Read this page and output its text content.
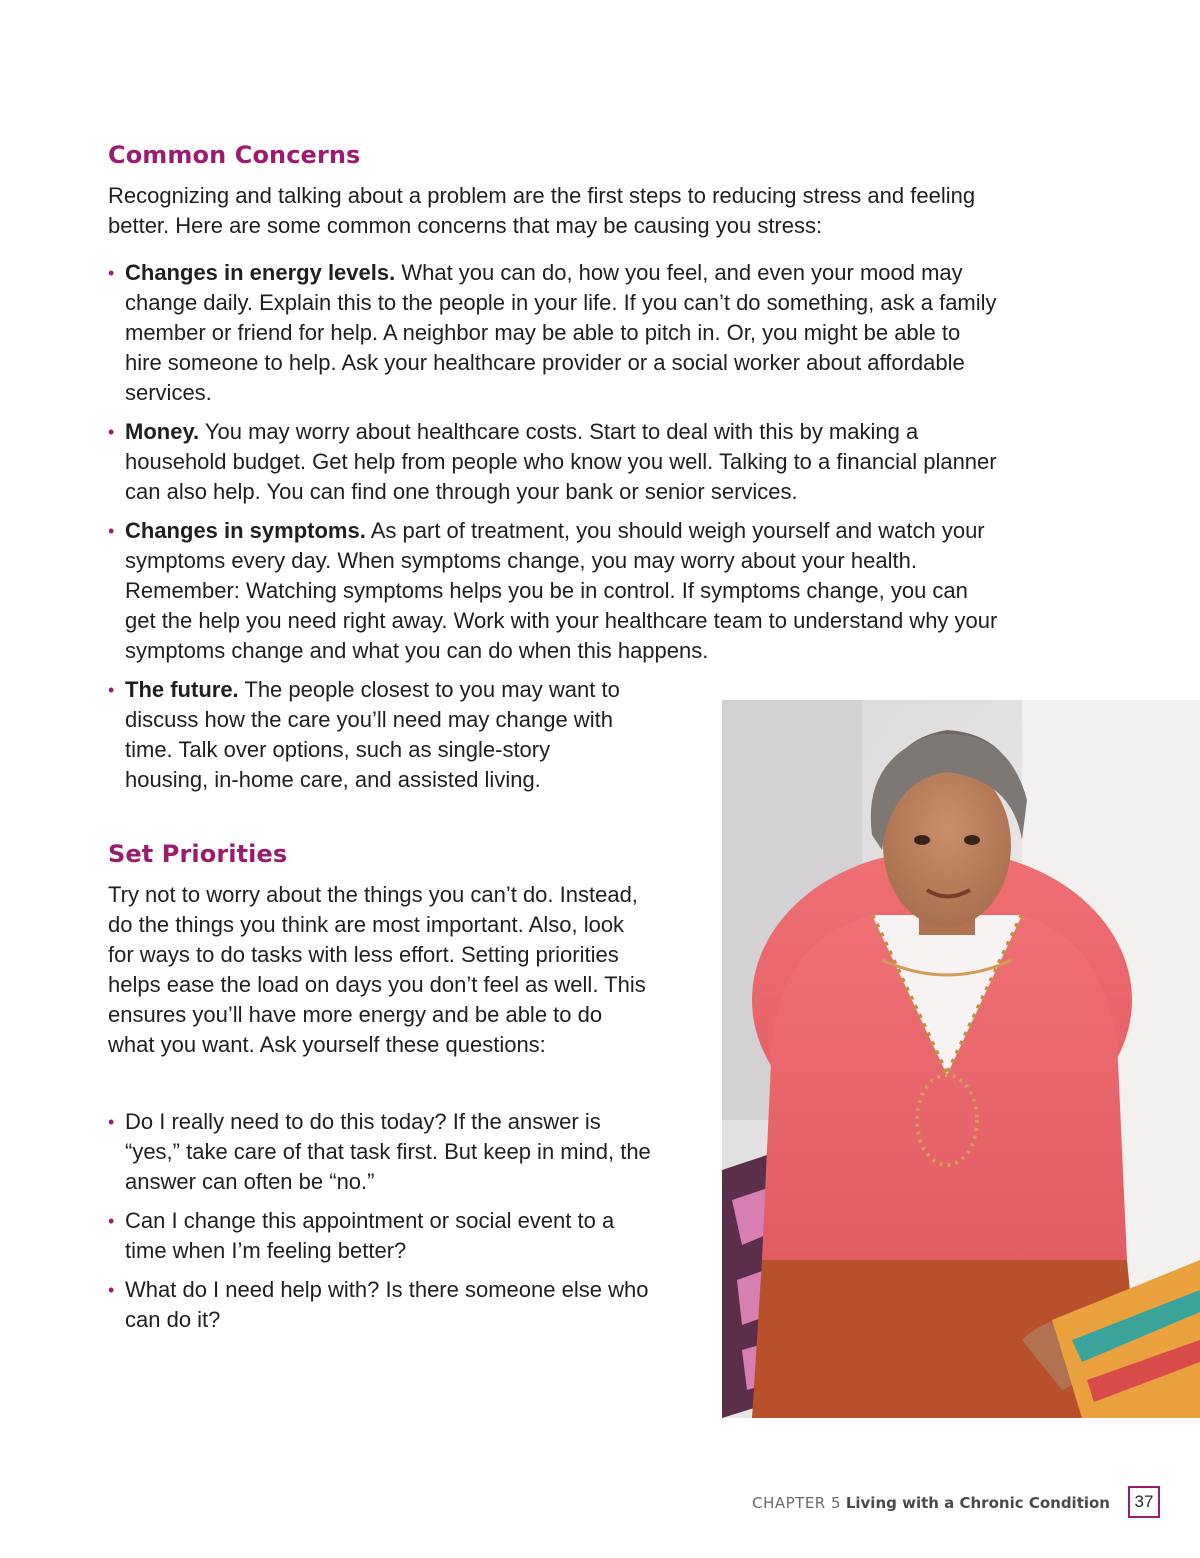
Common Concerns

Recognizing and talking about a problem are the first steps to reducing stress and feeling better. Here are some common concerns that may be causing you stress:

• Changes in energy levels. What you can do, how you feel, and even your mood may change daily. Explain this to the people in your life. If you can’t do something, ask a family member or friend for help. A neighbor may be able to pitch in. Or, you might be able to hire someone to help. Ask your healthcare provider or a social worker about affordable services.
• Money. You may worry about healthcare costs. Start to deal with this by making a household budget. Get help from people who know you well. Talking to a financial planner can also help. You can find one through your bank or senior services.
• Changes in symptoms. As part of treatment, you should weigh yourself and watch your symptoms every day. When symptoms change, you may worry about your health. Remember: Watching symptoms helps you be in control. If symptoms change, you can get the help you need right away. Work with your healthcare team to understand why your symptoms change and what you can do when this happens.
• The future. The people closest to you may want to discuss how the care you’ll need may change with time. Talk over options, such as single-story housing, in-home care, and assisted living.
Set Priorities

Try not to worry about the things you can’t do. Instead, do the things you think are most important. Also, look for ways to do tasks with less effort. Setting priorities helps ease the load on days you don’t feel as well. This ensures you’ll have more energy and be able to do what you want. Ask yourself these questions:

• Do I really need to do this today? If the answer is “yes,” take care of that task first. But keep in mind, the answer can often be “no.”
• Can I change this appointment or social event to a time when I’m feeling better?
• What do I need help with? Is there someone else who can do it?
CHAPTER 5 Living with a Chronic Condition	37
